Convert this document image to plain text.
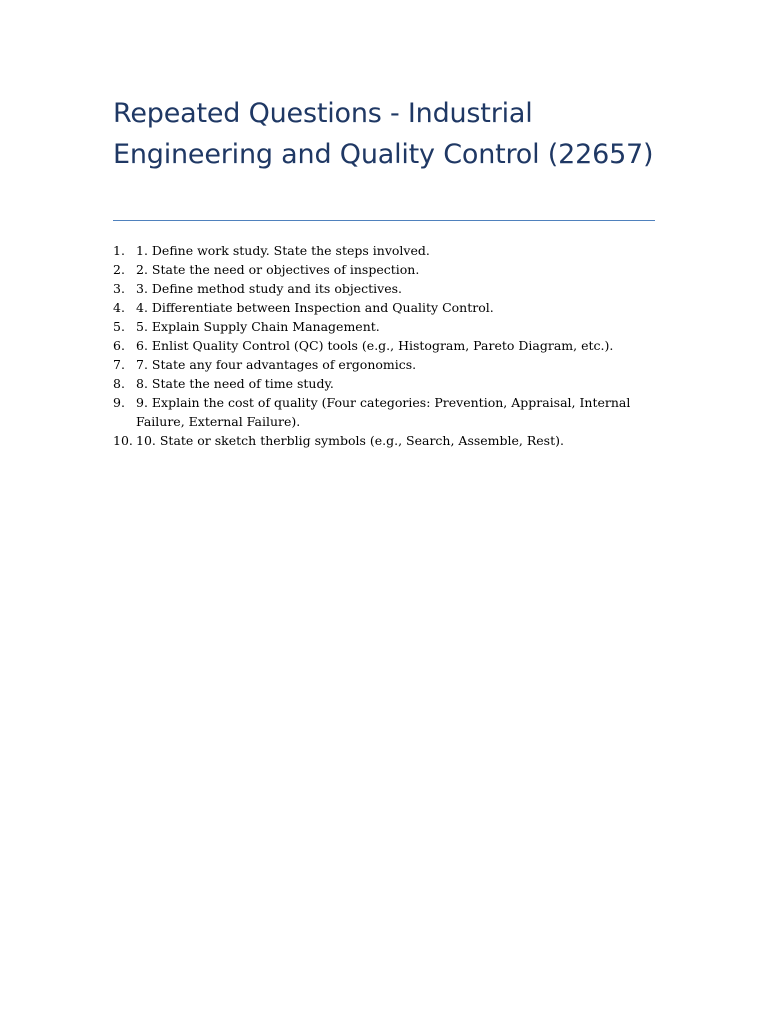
Repeated Questions - Industrial Engineering and Quality Control (22657)
1. 1. Define work study. State the steps involved.
2. 2. State the need or objectives of inspection.
3. 3. Define method study and its objectives.
4. 4. Differentiate between Inspection and Quality Control.
5. 5. Explain Supply Chain Management.
6. 6. Enlist Quality Control (QC) tools (e.g., Histogram, Pareto Diagram, etc.).
7. 7. State any four advantages of ergonomics.
8. 8. State the need of time study.
9. 9. Explain the cost of quality (Four categories: Prevention, Appraisal, Internal Failure, External Failure).
10. 10. State or sketch therblig symbols (e.g., Search, Assemble, Rest).
